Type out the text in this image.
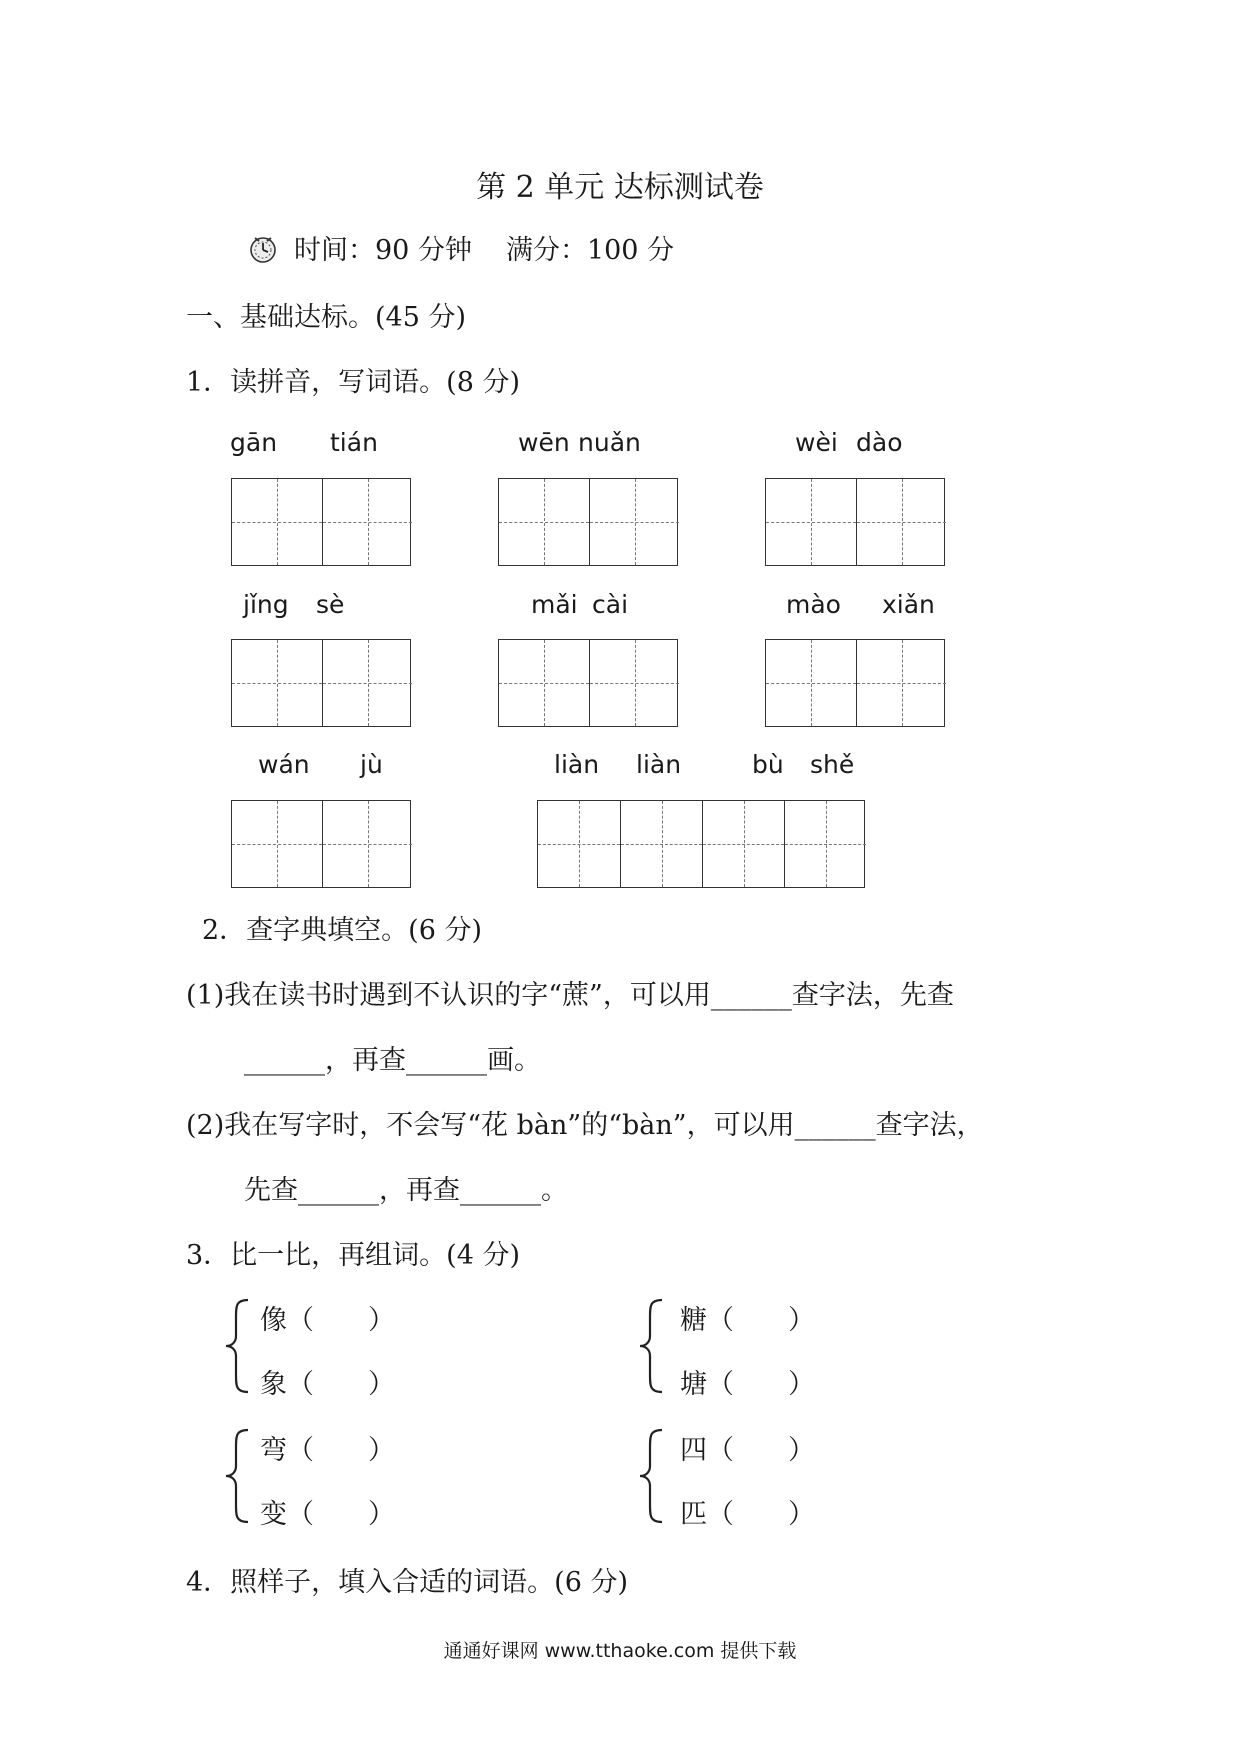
第 2 单元 达标测试卷
时间：90 分钟 满分：100 分
一、基础达标。(45 分)
1．读拼音，写词语。(8 分)
gān tián	wēn nuǎn	wèi dào
jǐng sè	mǎi cài	mào xiǎn
wán jù	liàn liàn	bù shě
2．查字典填空。(6 分)
(1)我在读书时遇到不认识的字“蔗”，可以用______查字法，先查
______，再查______画。
(2)我在写字时，不会写“花 bàn”的“bàn”，可以用______查字法，
先查______，再查______。
3．比一比，再组词。(4 分)
像（　　）
象（　　）
糖（　　）
塘（　　）
弯（　　）
变（　　）
四（　　）
匹（　　）
4．照样子，填入合适的词语。(6 分)
通通好课网 www.tthaoke.com 提供下载
